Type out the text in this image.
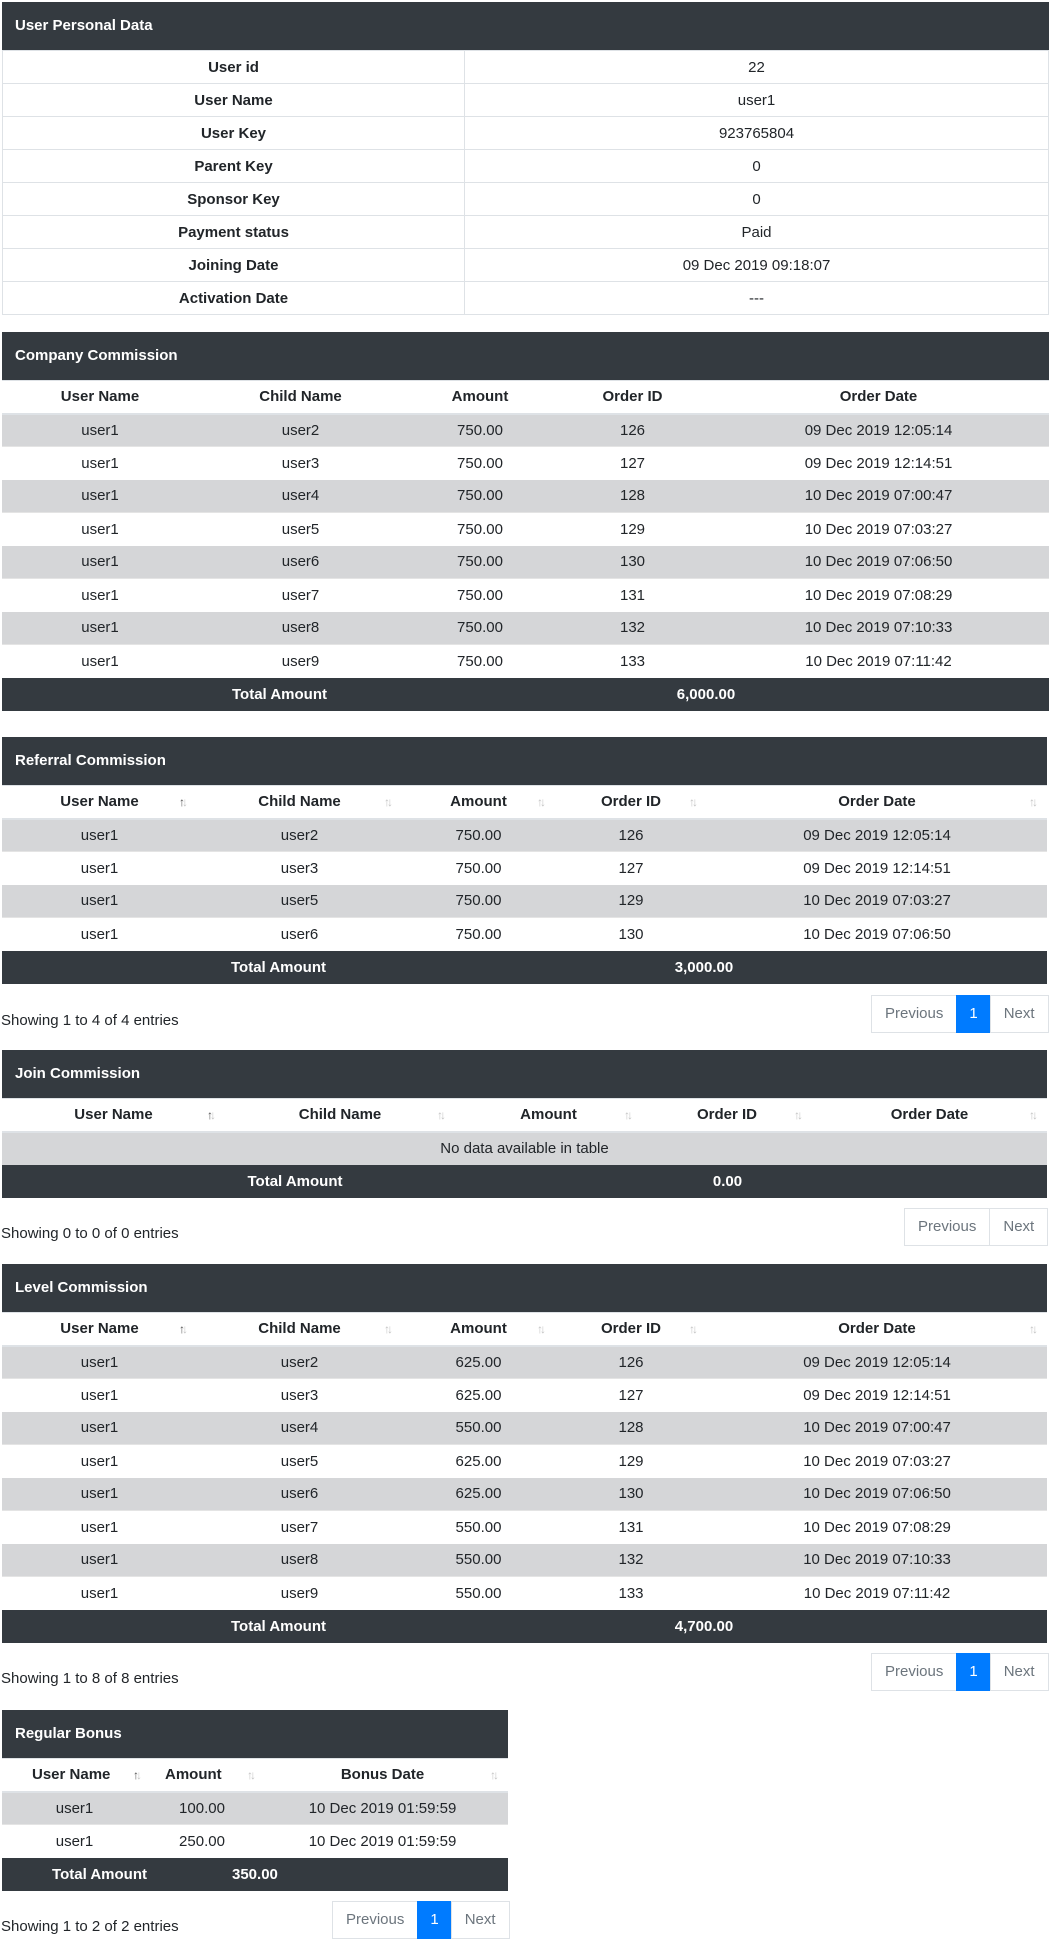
User Personal Data
User id	22
User Name	user1
User Key	923765804
Parent Key	0
Sponsor Key	0
Payment status	Paid
Joining Date	09 Dec 2019 09:18:07
Activation Date	---
Company Commission
User Name	Child Name	Amount	Order ID	Order Date
user1	user2	750.00	126	09 Dec 2019 12:05:14
user1	user3	750.00	127	09 Dec 2019 12:14:51
user1	user4	750.00	128	10 Dec 2019 07:00:47
user1	user5	750.00	129	10 Dec 2019 07:03:27
user1	user6	750.00	130	10 Dec 2019 07:06:50
user1	user7	750.00	131	10 Dec 2019 07:08:29
user1	user8	750.00	132	10 Dec 2019 07:10:33
user1	user9	750.00	133	10 Dec 2019 07:11:42
Total Amount			6,000.00	
Referral Commission
User Name ↑↓	Child Name ↑↓	Amount ↑↓	Order ID ↑↓	Order Date ↑↓

user1	user2	750.00	126	09 Dec 2019 12:05:14
user1	user3	750.00	127	09 Dec 2019 12:14:51
user1	user5	750.00	129	10 Dec 2019 07:03:27
user1	user6	750.00	130	10 Dec 2019 07:06:50
Total Amount			3,000.00	
Showing 1 to 4 of 4 entries	Previous	1	Next
Join Commission
User Name ↑↓	Child Name ↑↓	Amount ↑↓	Order ID ↑↓	Order Date ↑↓

No data available in table				
Total Amount			0.00	
Showing 0 to 0 of 0 entries	Previous	Next
Level Commission
User Name ↑↓	Child Name ↑↓	Amount ↑↓	Order ID ↑↓	Order Date ↑↓

user1	user2	625.00	126	09 Dec 2019 12:05:14
user1	user3	625.00	127	09 Dec 2019 12:14:51
user1	user4	550.00	128	10 Dec 2019 07:00:47
user1	user5	625.00	129	10 Dec 2019 07:03:27
user1	user6	625.00	130	10 Dec 2019 07:06:50
user1	user7	550.00	131	10 Dec 2019 07:08:29
user1	user8	550.00	132	10 Dec 2019 07:10:33
user1	user9	550.00	133	10 Dec 2019 07:11:42
Total Amount			4,700.00	
Showing 1 to 8 of 8 entries	Previous	1	Next
Regular Bonus
User Name ↑↓	Amount ↑↓	Bonus Date ↑↓

user1	100.00	10 Dec 2019 01:59:59
user1	250.00	10 Dec 2019 01:59:59
Total Amount	350.00	
Showing 1 to 2 of 2 entries	Previous	1	Next
